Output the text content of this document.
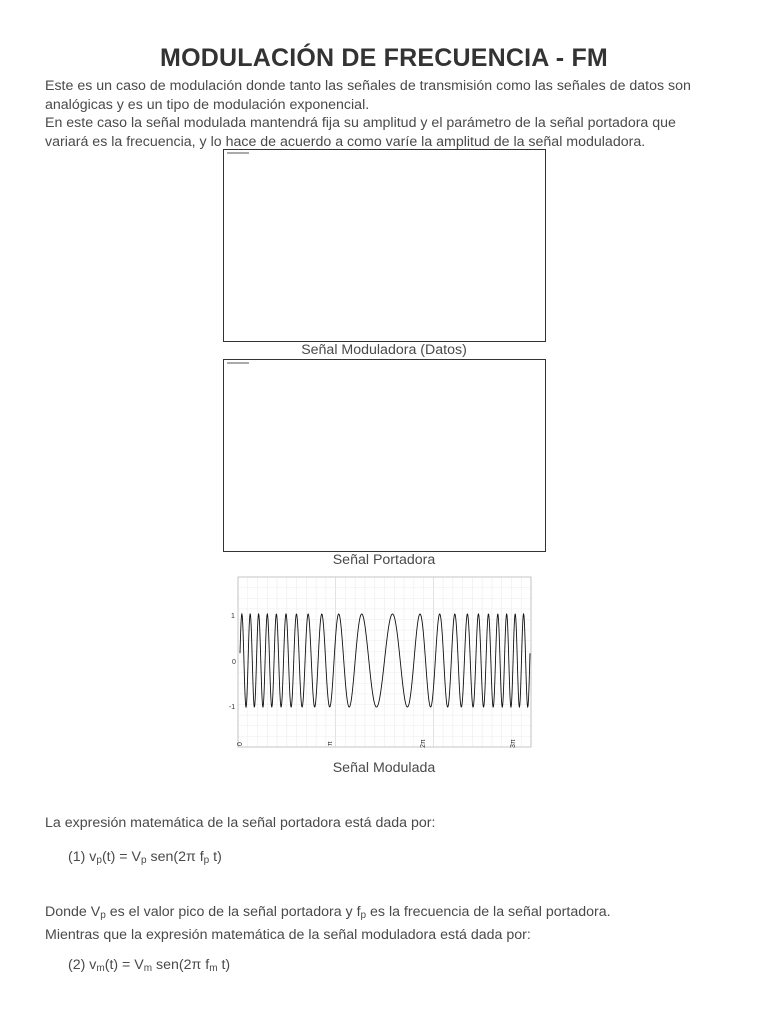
MODULACIÓN DE FRECUENCIA - FM
Este es un caso de modulación donde tanto las señales de transmisión como las señales de datos son
analógicas y es un tipo de modulación exponencial.
En este caso la señal modulada mantendrá fija su amplitud y el parámetro de la señal portadora que
variará es la frecuencia, y lo hace de acuerdo a como varíe la amplitud de la señal moduladora.
Señal Moduladora (Datos)
Señal Portadora
1
0
-1
0	π	2π	3π
Señal Modulada
La expresión matemática de la señal portadora está dada por:
(1) $v_p(t) = V_p$ sen(2π $f_p$ t)
Donde $V_p$ es el valor pico de la señal portadora y $f_p$ es la frecuencia de la señal portadora.
Mientras que la expresión matemática de la señal moduladora está dada por:
(2) $v_m(t) = V_m$ sen(2π $f_m$ t)
